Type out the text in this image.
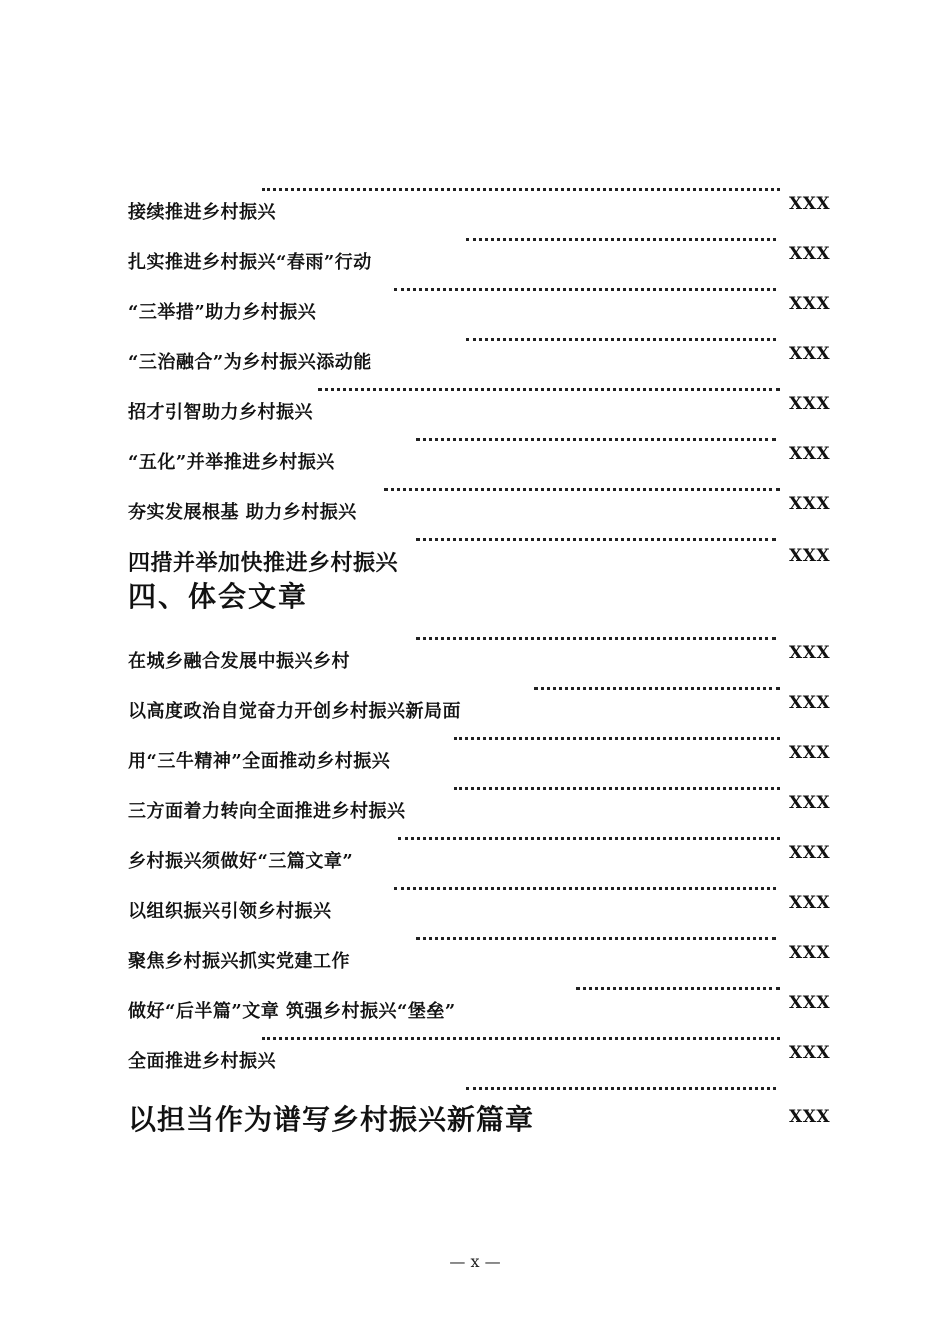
接续推进乡村振兴	XXX
扎实推进乡村振兴“春雨”行动	XXX
“三举措”助力乡村振兴	XXX
“三治融合”为乡村振兴添动能	XXX
招才引智助力乡村振兴	XXX
“五化”并举推进乡村振兴	XXX
夯实发展根基 助力乡村振兴	XXX
四措并举加快推进乡村振兴	XXX
四、体会文章
在城乡融合发展中振兴乡村	XXX
以高度政治自觉奋力开创乡村振兴新局面	XXX
用“三牛精神”全面推动乡村振兴	XXX
三方面着力转向全面推进乡村振兴	XXX
乡村振兴须做好“三篇文章”	XXX
以组织振兴引领乡村振兴	XXX
聚焦乡村振兴抓实党建工作	XXX
做好“后半篇”文章 筑强乡村振兴“堡垒”	XXX
全面推进乡村振兴	XXX
以担当作为谱写乡村振兴新篇章	XXX
— x —
